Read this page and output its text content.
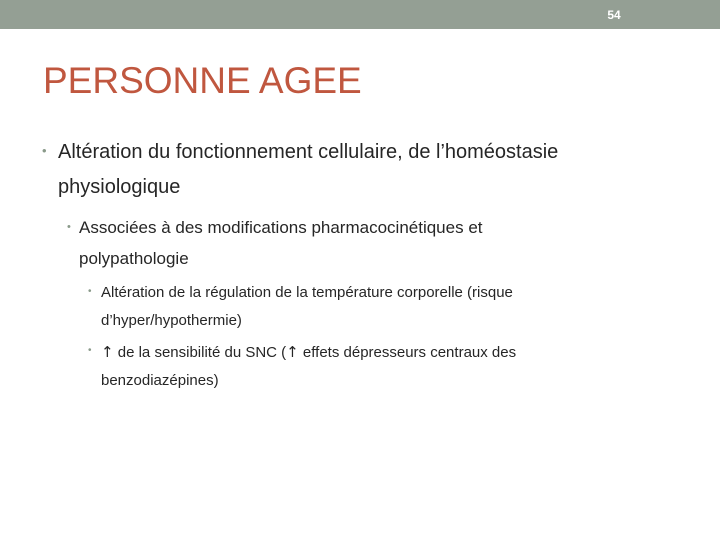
54
PERSONNE AGEE
• Altération du fonctionnement cellulaire, de l’homéostasie
physiologique
• Associées à des modifications pharmacocinétiques et
polypathologie
• Altération de la régulation de la température corporelle (risque
d’hyper/hypothermie)
• ↑ de la sensibilité du SNC (↑ effets dépresseurs centraux des
benzodiazépines)
